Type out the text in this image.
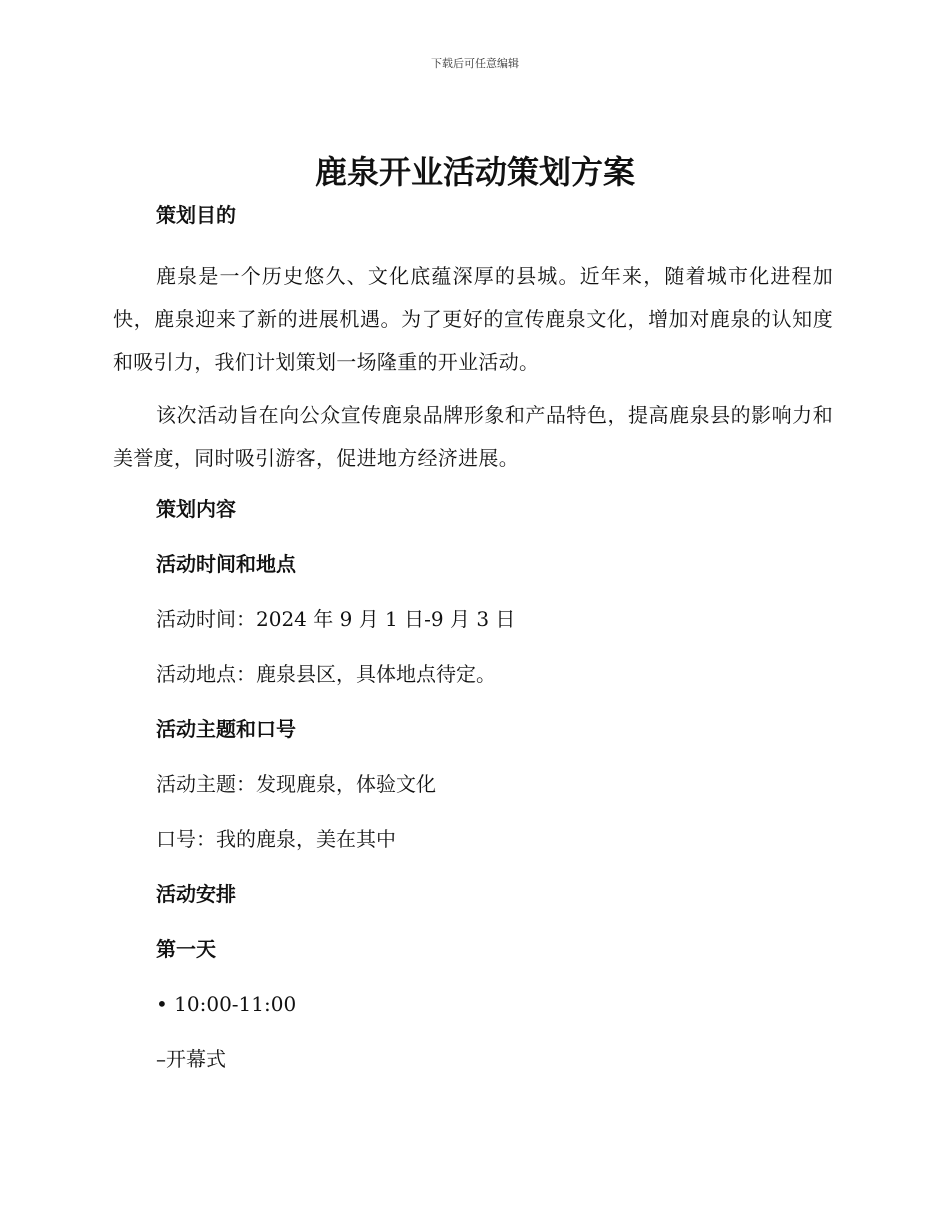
下载后可任意编辑
鹿泉开业活动策划方案
策划目的

鹿泉是一个历史悠久、文化底蕴深厚的县城。近年来，随着城市化进程加快，鹿泉迎来了新的进展机遇。为了更好的宣传鹿泉文化，增加对鹿泉的认知度和吸引力，我们计划策划一场隆重的开业活动。

该次活动旨在向公众宣传鹿泉品牌形象和产品特色，提高鹿泉县的影响力和美誉度，同时吸引游客，促进地方经济进展。

策划内容
活动时间和地点
活动时间：2024 年 9 月 1 日-9 月 3 日
活动地点：鹿泉县区，具体地点待定。
活动主题和口号
活动主题：发现鹿泉，体验文化
口号：我的鹿泉，美在其中
活动安排
第一天
• 10:00-11:00
–开幕式
